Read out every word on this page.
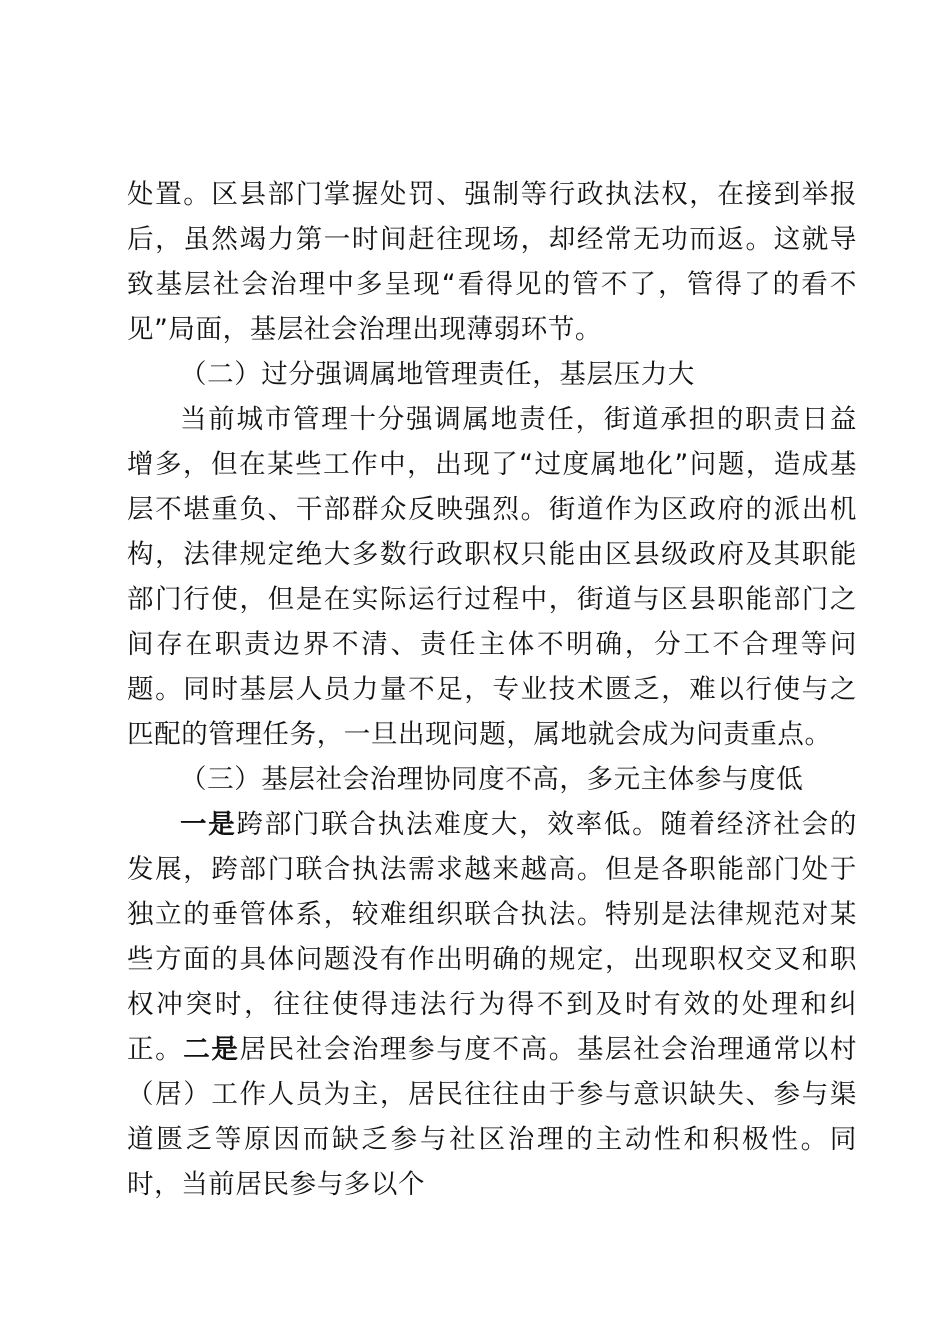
处置。区县部门掌握处罚、强制等行政执法权，在接到举报后，虽然竭力第一时间赶往现场，却经常无功而返。这就导致基层社会治理中多呈现“看得见的管不了，管得了的看不见”局面，基层社会治理出现薄弱环节。

（二）过分强调属地管理责任，基层压力大

当前城市管理十分强调属地责任，街道承担的职责日益增多，但在某些工作中，出现了“过度属地化”问题，造成基层不堪重负、干部群众反映强烈。街道作为区政府的派出机构，法律规定绝大多数行政职权只能由区县级政府及其职能部门行使，但是在实际运行过程中，街道与区县职能部门之间存在职责边界不清、责任主体不明确，分工不合理等问题。同时基层人员力量不足，专业技术匮乏，难以行使与之匹配的管理任务，一旦出现问题，属地就会成为问责重点。

（三）基层社会治理协同度不高，多元主体参与度低

一是跨部门联合执法难度大，效率低。随着经济社会的发展，跨部门联合执法需求越来越高。但是各职能部门处于独立的垂管体系，较难组织联合执法。特别是法律规范对某些方面的具体问题没有作出明确的规定，出现职权交叉和职权冲突时，往往使得违法行为得不到及时有效的处理和纠正。二是居民社会治理参与度不高。基层社会治理通常以村（居）工作人员为主，居民往往由于参与意识缺失、参与渠道匮乏等原因而缺乏参与社区治理的主动性和积极性。同时，当前居民参与多以个
